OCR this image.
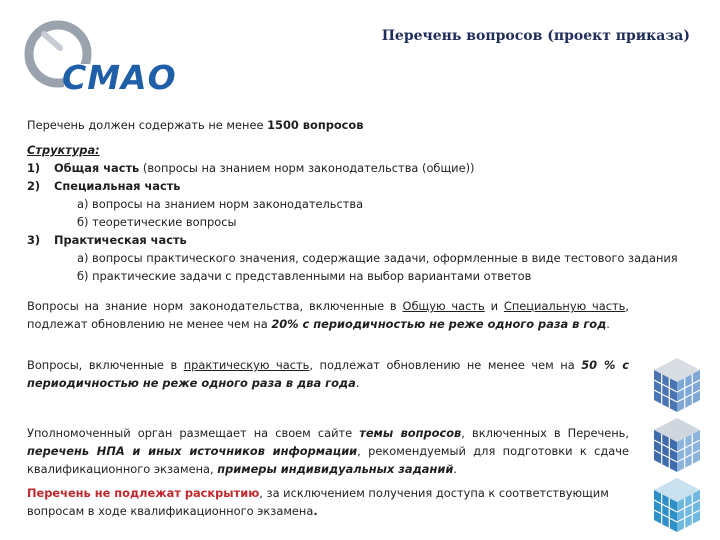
СМАО
Перечень вопросов (проект приказа)
Перечень должен содержать не менее 1500 вопросов
Структура:
1) Общая часть (вопросы на знанием норм законодательства (общие))
2) Специальная часть
а) вопросы на знанием норм законодательства
б) теоретические вопросы
3) Практическая часть
а) вопросы практического значения, содержащие задачи, оформленные в виде тестового задания
б) практические задачи с представленными на выбор вариантами ответов
Вопросы на знание норм законодательства, включенные в Общую часть и Специальную часть, подлежат обновлению не менее чем на 20% с периодичностью не реже одного раза в год.
Вопросы, включенные в практическую часть, подлежат обновлению не менее чем на 50 % с периодичностью не реже одного раза в два года.
Уполномоченный орган размещает на своем сайте темы вопросов, включенных в Перечень, перечень НПА и иных источников информации, рекомендуемый для подготовки к сдаче квалификационного экзамена, примеры индивидуальных заданий.
Перечень не подлежат раскрытию, за исключением получения доступа к соответствующим вопросам в ходе квалификационного экзамена.
